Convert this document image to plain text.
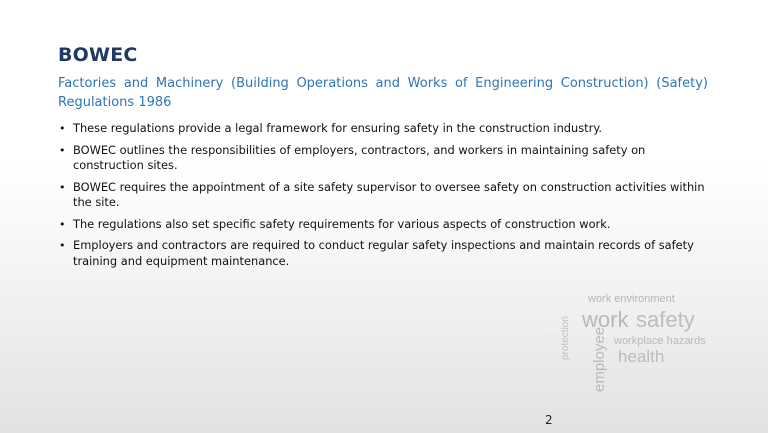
BOWEC
Factories and Machinery (Building Operations and Works of Engineering Construction) (Safety) Regulations 1986
• These regulations provide a legal framework for ensuring safety in the construction industry.
• BOWEC outlines the responsibilities of employers, contractors, and workers in maintaining safety on construction sites.
• BOWEC requires the appointment of a site safety supervisor to oversee safety on construction activities within the site.
• The regulations also set specific safety requirements for various aspects of construction work.
• Employers and contractors are required to conduct regular safety inspections and maintain records of safety training and equipment maintenance.
· · · · · · · · ·
· · · · · · · ·
· · · · ·
· · · · · ·
· · · · · · · ·	· · · · · ·
· · · · · · · · · ·
work environment
work safety
workplace hazards
health
employee
protection
2
